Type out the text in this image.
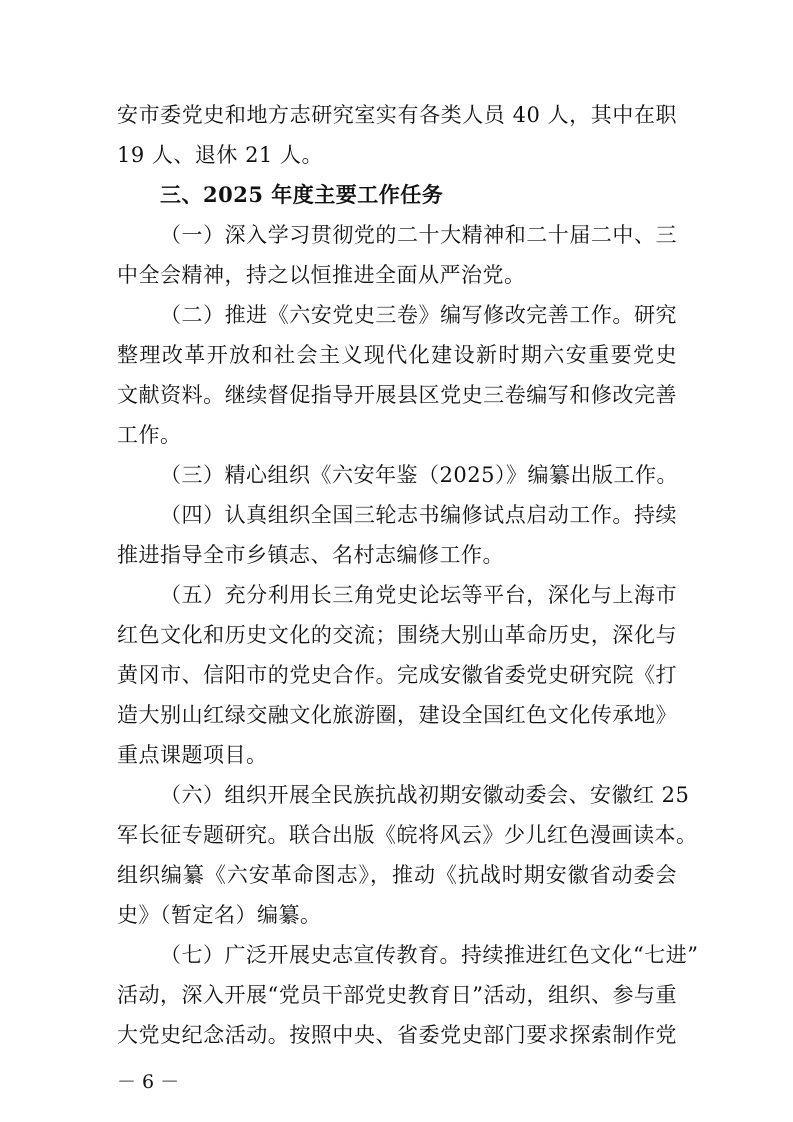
安市委党史和地方志研究室实有各类人员 40 人，其中在职
19 人、退休 21 人。
三、2025 年度主要工作任务
（一）深入学习贯彻党的二十大精神和二十届二中、三
中全会精神，持之以恒推进全面从严治党。
（二）推进《六安党史三卷》编写修改完善工作。研究
整理改革开放和社会主义现代化建设新时期六安重要党史
文献资料。继续督促指导开展县区党史三卷编写和修改完善
工作。
（三）精心组织《六安年鉴（2025）》编纂出版工作。
（四）认真组织全国三轮志书编修试点启动工作。持续
推进指导全市乡镇志、名村志编修工作。
（五）充分利用长三角党史论坛等平台，深化与上海市
红色文化和历史文化的交流；围绕大别山革命历史，深化与
黄冈市、信阳市的党史合作。完成安徽省委党史研究院《打
造大别山红绿交融文化旅游圈，建设全国红色文化传承地》
重点课题项目。
（六）组织开展全民族抗战初期安徽动委会、安徽红 25
军长征专题研究。联合出版《皖将风云》少儿红色漫画读本。
组织编纂《六安革命图志》，推动《抗战时期安徽省动委会
史》（暂定名）编纂。
（七）广泛开展史志宣传教育。持续推进红色文化“七进”
活动，深入开展“党员干部党史教育日”活动，组织、参与重
大党史纪念活动。按照中央、省委党史部门要求探索制作党
－ 6 －
